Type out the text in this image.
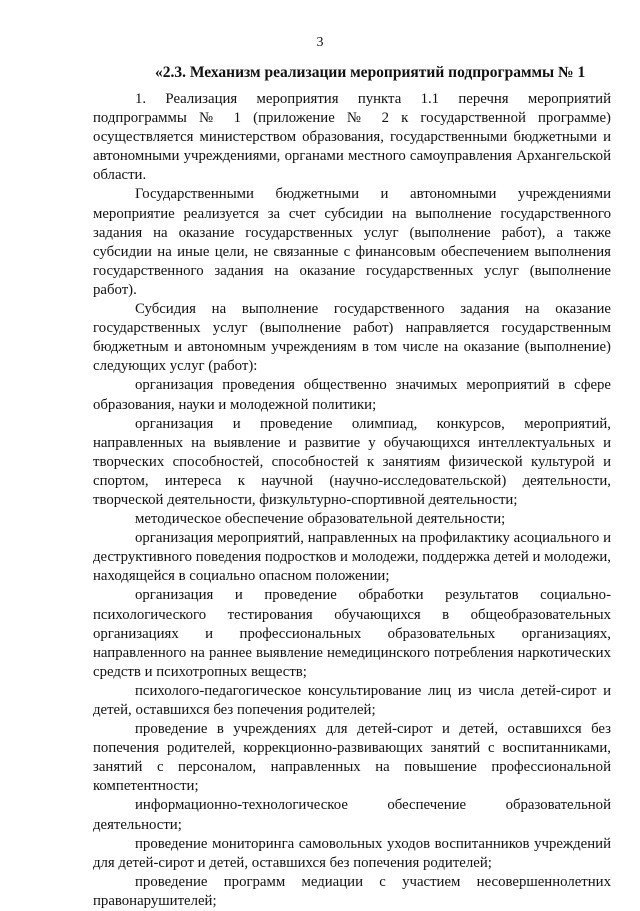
3
«2.3. Механизм реализации мероприятий подпрограммы № 1

1. Реализация мероприятия пункта 1.1 перечня мероприятий подпрограммы № 1 (приложение № 2 к государственной программе) осуществляется министерством образования, государственными бюджетными и автономными учреждениями, органами местного самоуправления Архангельской области.

Государственными бюджетными и автономными учреждениями мероприятие реализуется за счет субсидии на выполнение государственного задания на оказание государственных услуг (выполнение работ), а также субсидии на иные цели, не связанные с финансовым обеспечением выполнения государственного задания на оказание государственных услуг (выполнение работ).

Субсидия на выполнение государственного задания на оказание государственных услуг (выполнение работ) направляется государственным бюджетным и автономным учреждениям в том числе на оказание (выполнение) следующих услуг (работ):

организация проведения общественно значимых мероприятий в сфере образования, науки и молодежной политики;

организация и проведение олимпиад, конкурсов, мероприятий, направленных на выявление и развитие у обучающихся интеллектуальных и творческих способностей, способностей к занятиям физической культурой и спортом, интереса к научной (научно-исследовательской) деятельности, творческой деятельности, физкультурно-спортивной деятельности;

методическое обеспечение образовательной деятельности;

организация мероприятий, направленных на профилактику асоциального и деструктивного поведения подростков и молодежи, поддержка детей и молодежи, находящейся в социально опасном положении;

организация и проведение обработки результатов социально-психологического тестирования обучающихся в общеобразовательных организациях и профессиональных образовательных организациях, направленного на раннее выявление немедицинского потребления наркотических средств и психотропных веществ;

психолого-педагогическое консультирование лиц из числа детей-сирот и детей, оставшихся без попечения родителей;

проведение в учреждениях для детей-сирот и детей, оставшихся без попечения родителей, коррекционно-развивающих занятий с воспитанниками, занятий с персоналом, направленных на повышение профессиональной компетентности;

информационно-технологическое обеспечение образовательной деятельности;

проведение мониторинга самовольных уходов воспитанников учреждений для детей-сирот и детей, оставшихся без попечения родителей;

проведение программ медиации с участием несовершеннолетних правонарушителей;
